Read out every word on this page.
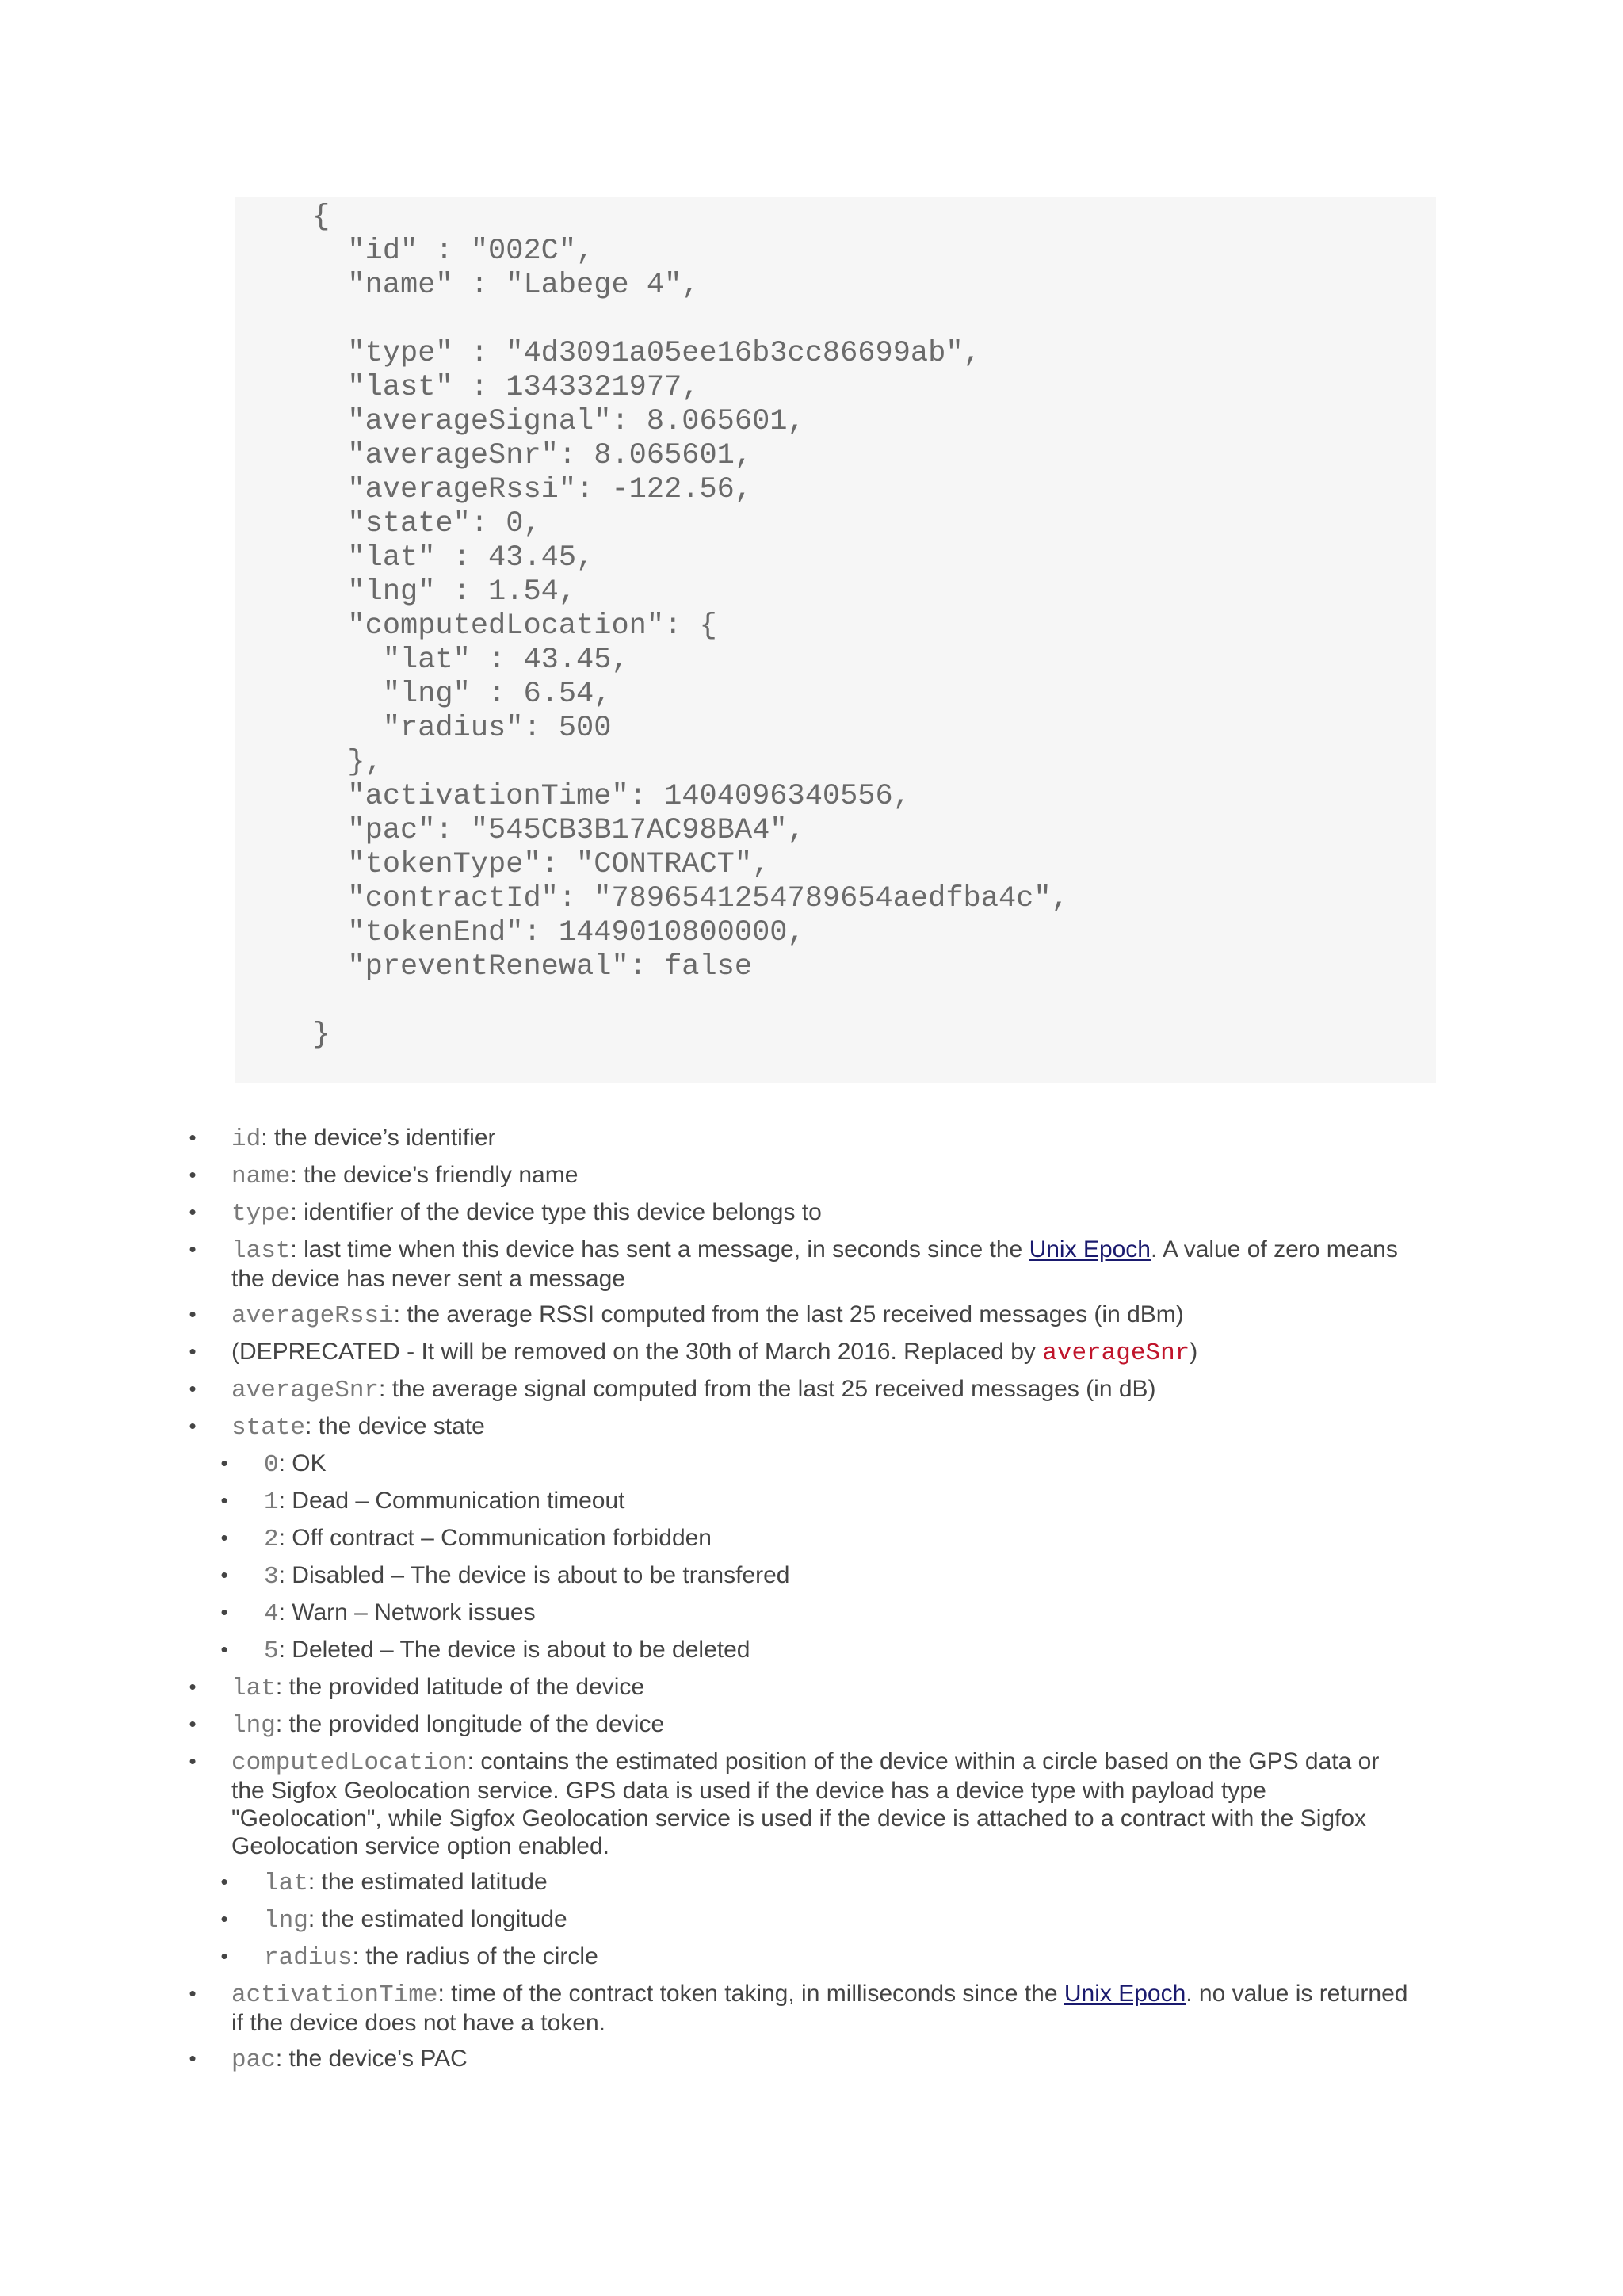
{
"id" : "002C",
"name" : "Labege 4",
"type" : "4d3091a05ee16b3cc86699ab",
"last" : 1343321977,
"averageSignal": 8.065601,
"averageSnr": 8.065601,
"averageRssi": -122.56,
"state": 0,
"lat" : 43.45,
"lng" : 1.54,
"computedLocation": {
"lat" : 43.45,
"lng" : 6.54,
"radius": 500
},
"activationTime": 1404096340556,
"pac": "545CB3B17AC98BA4",
"tokenType": "CONTRACT",
"contractId": "7896541254789654aedfba4c",
"tokenEnd": 1449010800000,
"preventRenewal": false
}
•	id: the device’s identifier
•	name: the device’s friendly name
•	type: identifier of the device type this device belongs to
•	last: last time when this device has sent a message, in seconds since the Unix Epoch. A value of zero means the device has never sent a message
•	averageRssi: the average RSSI computed from the last 25 received messages (in dBm)
•	(DEPRECATED - It will be removed on the 30th of March 2016. Replaced by averageSnr)
•	averageSnr: the average signal computed from the last 25 received messages (in dB)
•	state: the device state
•	0: OK
•	1: Dead – Communication timeout
•	2: Off contract – Communication forbidden
•	3: Disabled – The device is about to be transfered
•	4: Warn – Network issues
•	5: Deleted – The device is about to be deleted
•	lat: the provided latitude of the device
•	lng: the provided longitude of the device
•	computedLocation: contains the estimated position of the device within a circle based on the GPS data or the Sigfox Geolocation service. GPS data is used if the device has a device type with payload type "Geolocation", while Sigfox Geolocation service is used if the device is attached to a contract with the Sigfox Geolocation service option enabled.
•	lat: the estimated latitude
•	lng: the estimated longitude
•	radius: the radius of the circle
•	activationTime: time of the contract token taking, in milliseconds since the Unix Epoch. no value is returned if the device does not have a token.
•	pac: the device's PAC
